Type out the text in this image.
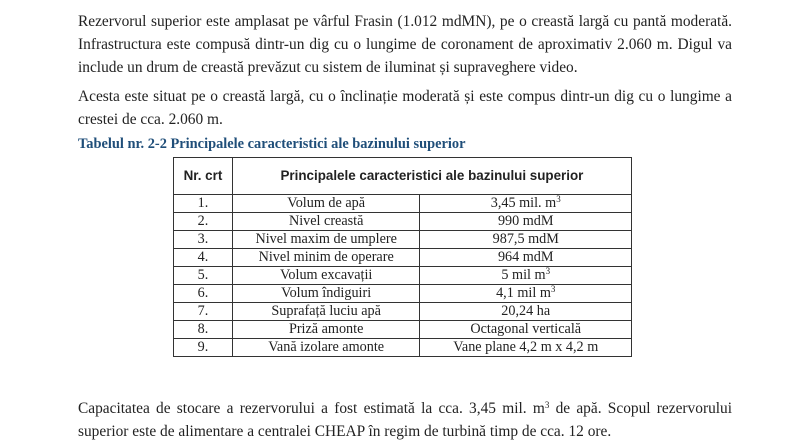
Rezervorul superior este amplasat pe vârful Frasin (1.012 mdMN), pe o creastă largă cu pantă moderată. Infrastructura este compusă dintr-un dig cu o lungime de coronament de aproximativ 2.060 m. Digul va include un drum de creastă prevăzut cu sistem de iluminat și supraveghere video.

Acesta este situat pe o creastă largă, cu o înclinație moderată și este compus dintr-un dig cu o lungime a crestei de cca. 2.060 m.

Tabelul nr. 2-2 Principalele caracteristici ale bazinului superior

Nr. crt	Principalele caracteristici ale bazinului superior	
1.	Volum de apă	3,45 mil. $m^3$
2.	Nivel creastă	990 mdM
3.	Nivel maxim de umplere	987,5 mdM
4.	Nivel minim de operare	964 mdM
5.	Volum excavații	5 mil $m^3$
6.	Volum îndiguiri	4,1 mil $m^3$
7.	Suprafață luciu apă	20,24 ha
8.	Priză amonte	Octagonal verticală
9.	Vană izolare amonte	Vane plane 4,2 m x 4,2 m

Capacitatea de stocare a rezervorului a fost estimată la cca. 3,45 mil. $m^3$ de apă. Scopul rezervorului superior este de alimentare a centralei CHEAP în regim de turbină timp de cca. 12 ore.
